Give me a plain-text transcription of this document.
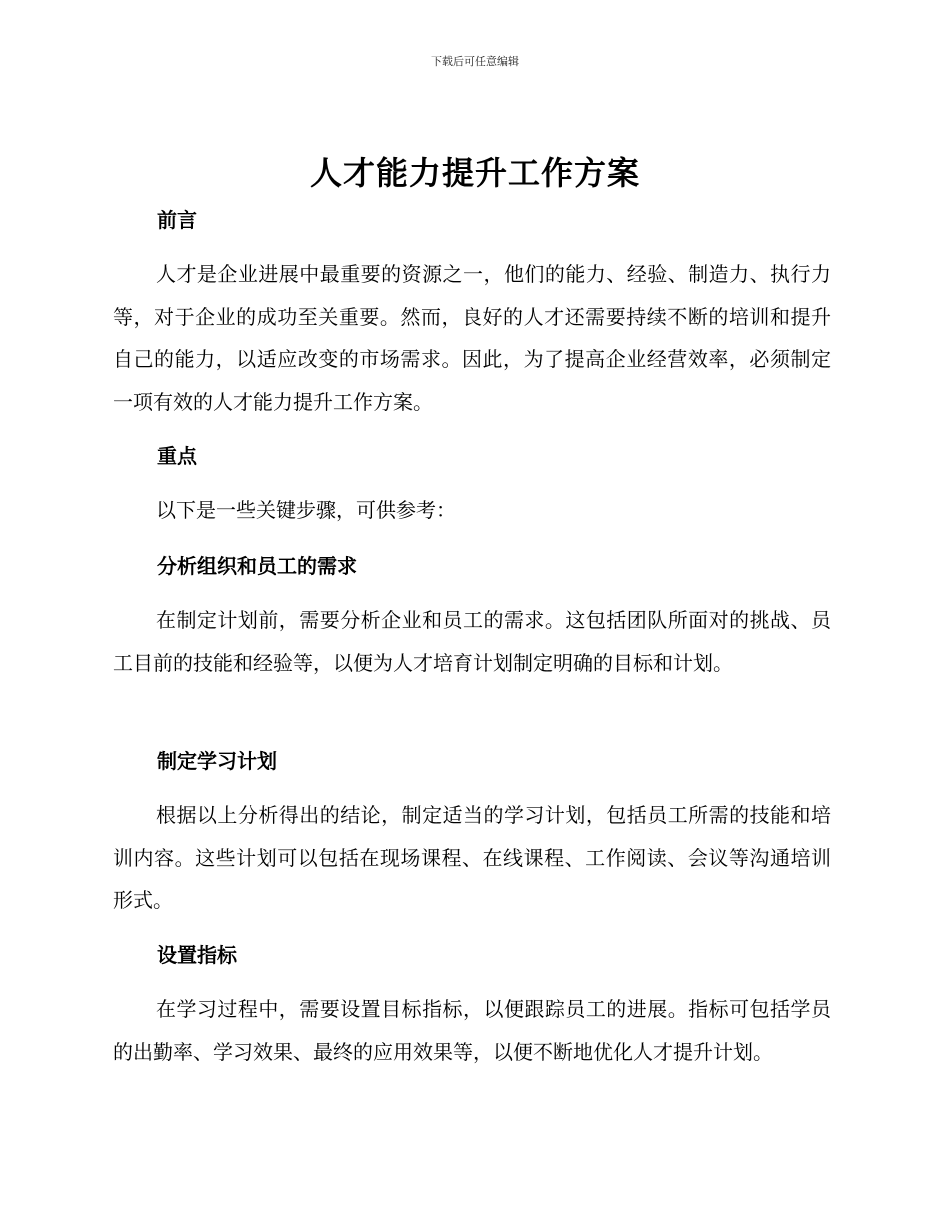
下载后可任意编辑
人才能力提升工作方案
前言
人才是企业进展中最重要的资源之一，他们的能力、经验、制造力、执行力等，对于企业的成功至关重要。然而，良好的人才还需要持续不断的培训和提升自己的能力，以适应改变的市场需求。因此，为了提高企业经营效率，必须制定一项有效的人才能力提升工作方案。
重点
以下是一些关键步骤，可供参考：
分析组织和员工的需求
在制定计划前，需要分析企业和员工的需求。这包括团队所面对的挑战、员工目前的技能和经验等，以便为人才培育计划制定明确的目标和计划。
制定学习计划
根据以上分析得出的结论，制定适当的学习计划，包括员工所需的技能和培训内容。这些计划可以包括在现场课程、在线课程、工作阅读、会议等沟通培训形式。
设置指标
在学习过程中，需要设置目标指标，以便跟踪员工的进展。指标可包括学员的出勤率、学习效果、最终的应用效果等，以便不断地优化人才提升计划。
